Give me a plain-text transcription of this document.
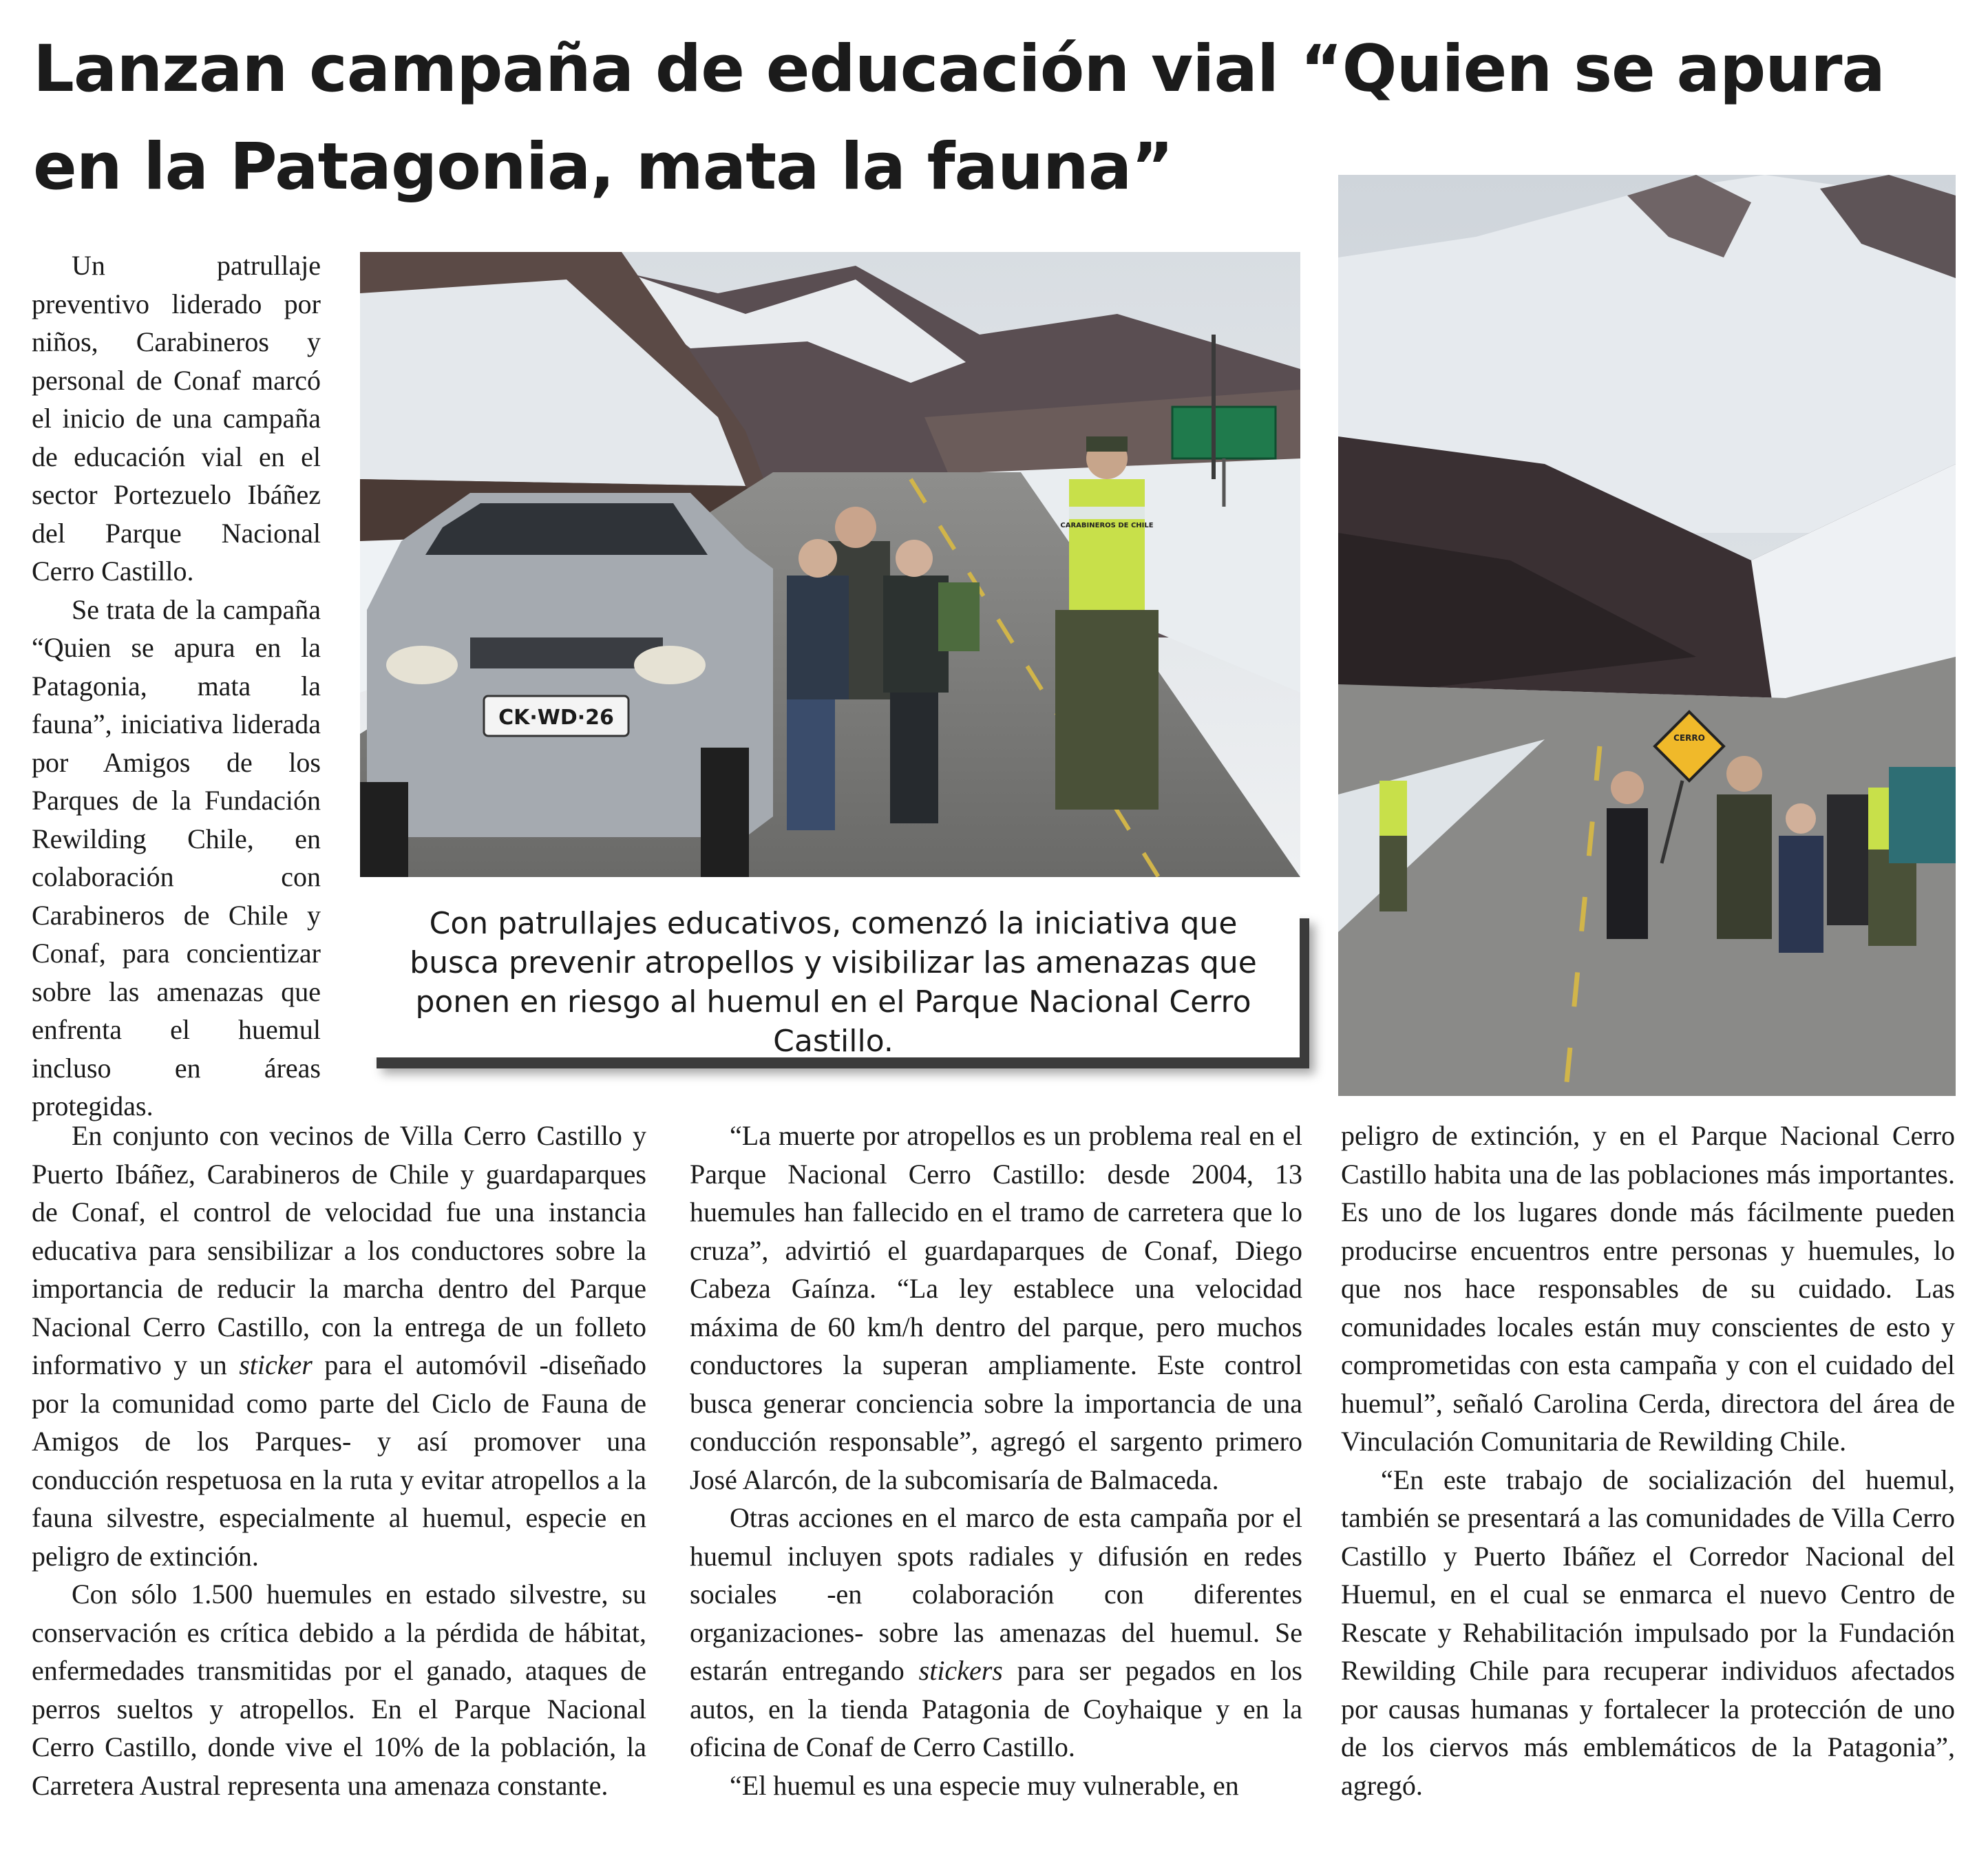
Lanzan campaña de educación vial “Quien se apura en la Patagonia, mata la fauna”

Un patrullaje preventivo liderado por niños, Carabineros y personal de Conaf marcó el inicio de una campaña de educación vial en el sector Portezuelo Ibáñez del Parque Nacional Cerro Castillo.

Se trata de la campaña “Quien se apura en la Patagonia, mata la fauna”, iniciativa liderada por Amigos de los Parques de la Fundación Rewilding Chile, en colaboración con Carabineros de Chile y Conaf, para concientizar sobre las amenazas que enfrenta el huemul incluso en áreas protegidas.

CK·WD·26
CARABINEROS DE CHILE
CERRO

Con patrullajes educativos, comenzó la iniciativa que busca prevenir atropellos y visibilizar las amenazas que ponen en riesgo al huemul en el Parque Nacional Cerro Castillo.

En conjunto con vecinos de Villa Cerro Castillo y Puerto Ibáñez, Carabineros de Chile y guardaparques de Conaf, el control de velocidad fue una instancia educativa para sensibilizar a los conductores sobre la importancia de reducir la marcha dentro del Parque Nacional Cerro Castillo, con la entrega de un folleto informativo y un sticker para el automóvil -diseñado por la comunidad como parte del Ciclo de Fauna de Amigos de los Parques- y así promover una conducción respetuosa en la ruta y evitar atropellos a la fauna silvestre, especialmente al huemul, especie en peligro de extinción.

Con sólo 1.500 huemules en estado silvestre, su conservación es crítica debido a la pérdida de hábitat, enfermedades transmitidas por el ganado, ataques de perros sueltos y atropellos. En el Parque Nacional Cerro Castillo, donde vive el 10% de la población, la Carretera Austral representa una amenaza constante.

“La muerte por atropellos es un problema real en el Parque Nacional Cerro Castillo: desde 2004, 13 huemules han fallecido en el tramo de carretera que lo cruza”, advirtió el guardaparques de Conaf, Diego Cabeza Gaínza. “La ley establece una velocidad máxima de 60 km/h dentro del parque, pero muchos conductores la superan ampliamente. Este control busca generar conciencia sobre la importancia de una conducción responsable”, agregó el sargento primero José Alarcón, de la subcomisaría de Balmaceda.

Otras acciones en el marco de esta campaña por el huemul incluyen spots radiales y difusión en redes sociales -en colaboración con diferentes organizaciones- sobre las amenazas del huemul. Se estarán entregando stickers para ser pegados en los autos, en la tienda Patagonia de Coyhaique y en la oficina de Conaf de Cerro Castillo.

“El huemul es una especie muy vulnerable, en

peligro de extinción, y en el Parque Nacional Cerro Castillo habita una de las poblaciones más importantes. Es uno de los lugares donde más fácilmente pueden producirse encuentros entre personas y huemules, lo que nos hace responsables de su cuidado. Las comunidades locales están muy conscientes de esto y comprometidas con esta campaña y con el cuidado del huemul”, señaló Carolina Cerda, directora del área de Vinculación Comunitaria de Rewilding Chile.

“En este trabajo de socialización del huemul, también se presentará a las comunidades de Villa Cerro Castillo y Puerto Ibáñez el Corredor Nacional del Huemul, en el cual se enmarca el nuevo Centro de Rescate y Rehabilitación impulsado por la Fundación Rewilding Chile para recuperar individuos afectados por causas humanas y fortalecer la protección de uno de los ciervos más emblemáticos de la Patagonia”, agregó.
